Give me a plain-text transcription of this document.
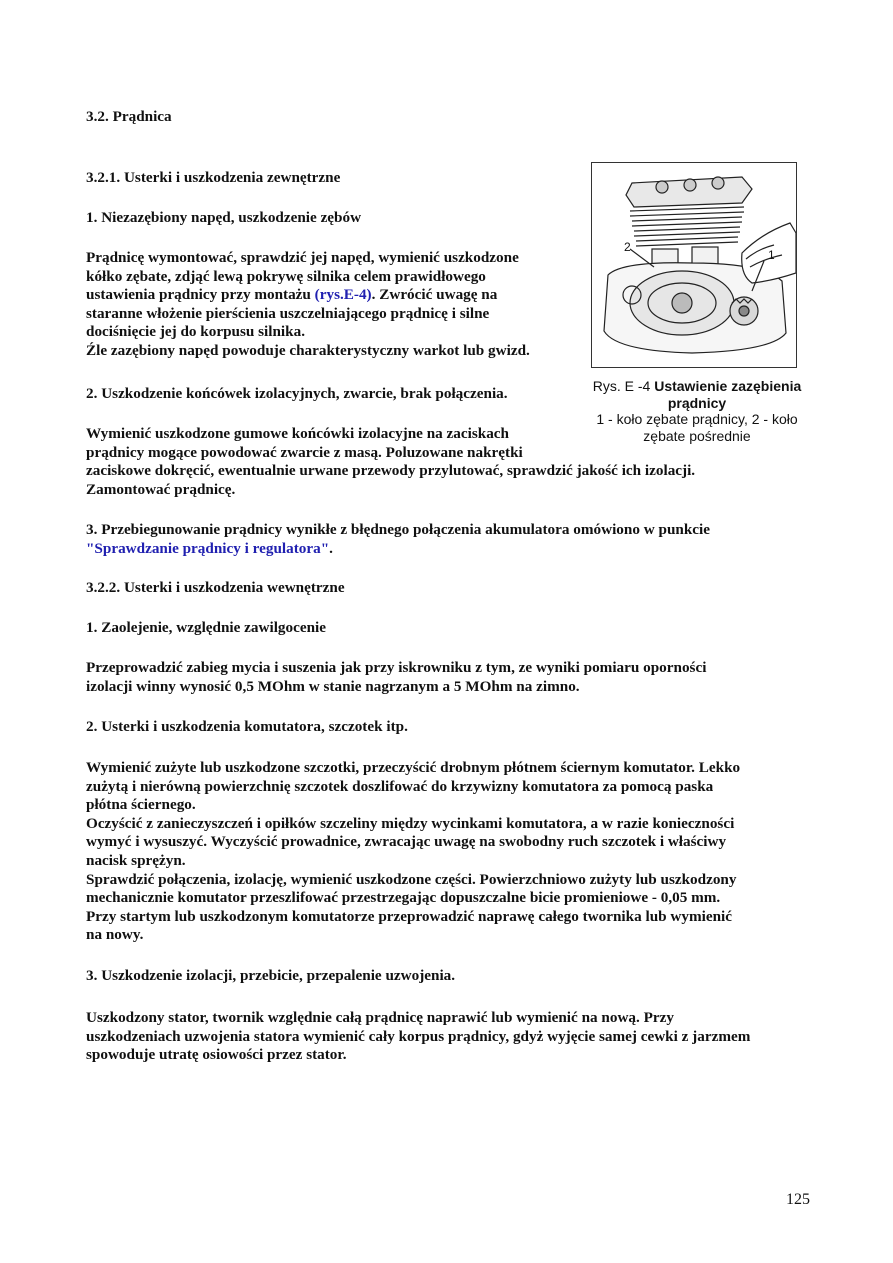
3.2. Prądnica
3.2.1. Usterki i uszkodzenia zewnętrzne
1. Niezazębiony napęd, uszkodzenie zębów
Prądnicę wymontować, sprawdzić jej napęd, wymienić uszkodzone
kółko zębate, zdjąć lewą pokrywę silnika celem prawidłowego
ustawienia prądnicy przy montażu (rys.E-4). Zwrócić uwagę na
staranne włożenie pierścienia uszczelniającego prądnicę i silne
dociśnięcie jej do korpusu silnika.
Źle zazębiony napęd powoduje charakterystyczny warkot lub gwizd.
2. Uszkodzenie końcówek izolacyjnych, zwarcie, brak połączenia.
Wymienić uszkodzone gumowe końcówki izolacyjne na zaciskach
prądnicy mogące powodować zwarcie z masą. Poluzowane nakrętki
zaciskowe dokręcić, ewentualnie urwane przewody przylutować, sprawdzić jakość ich izolacji.
Zamontować prądnicę.
3. Przebiegunowanie prądnicy wynikłe z błędnego połączenia akumulatora omówiono w punkcie
"Sprawdzanie prądnicy i regulatora".
2
1
Rys. E -4 Ustawienie zazębienia
prądnicy
1 - koło zębate prądnicy, 2 - koło
zębate pośrednie
3.2.2. Usterki i uszkodzenia wewnętrzne
1. Zaolejenie, względnie zawilgocenie
Przeprowadzić zabieg mycia i suszenia jak przy iskrowniku z tym, ze wyniki pomiaru oporności
izolacji winny wynosić 0,5 MOhm w stanie nagrzanym a 5 MOhm na zimno.
2. Usterki i uszkodzenia komutatora, szczotek itp.
Wymienić zużyte lub uszkodzone szczotki, przeczyścić drobnym płótnem ściernym komutator. Lekko
zużytą i nierówną powierzchnię szczotek doszlifować do krzywizny komutatora za pomocą paska
płótna ściernego.
Oczyścić z zanieczyszczeń i opiłków szczeliny między wycinkami komutatora, a w razie konieczności
wymyć i wysuszyć. Wyczyścić prowadnice, zwracając uwagę na swobodny ruch szczotek i właściwy
nacisk sprężyn.
Sprawdzić połączenia, izolację, wymienić uszkodzone części. Powierzchniowo zużyty lub uszkodzony
mechanicznie komutator przeszlifować przestrzegając dopuszczalne bicie promieniowe - 0,05 mm.
Przy startym lub uszkodzonym komutatorze przeprowadzić naprawę całego twornika lub wymienić
na nowy.
3. Uszkodzenie izolacji, przebicie, przepalenie uzwojenia.
Uszkodzony stator, twornik względnie całą prądnicę naprawić lub wymienić na nową. Przy
uszkodzeniach uzwojenia statora wymienić cały korpus prądnicy, gdyż wyjęcie samej cewki z jarzmem
spowoduje utratę osiowości przez stator.
125
